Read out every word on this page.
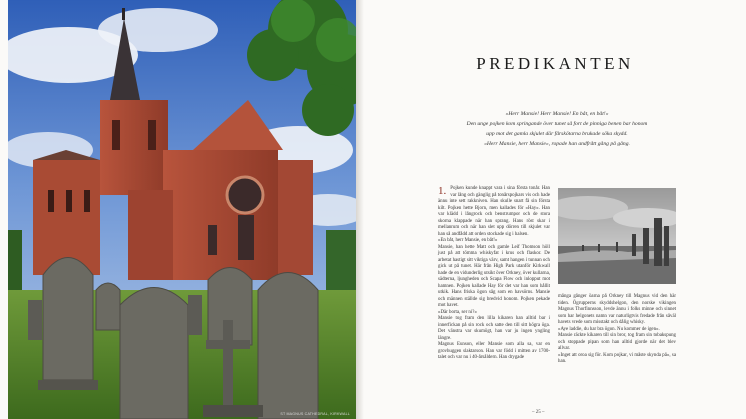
ST MAGNUS CATHEDRAL, KIRKWALL
PREDIKANTEN

»Herr Mansie! Herr Mansie! En båt, en båt!«

Den unge pojken kom springande över tunet så fort de pinniga benen bar honom

upp mot det gamla skjulet där fårskötarna brukade söka skydd.

»Herr Mansie, herr Mansie«, ropade han andfrått gång på gång.

1. Pojken kunde knappt vara i sina första tonår. Han var lång och gänglig på tonårspojkars vis och hade ännu inte sett rakkniven. Han skulle snart få sin första kilt. Pojken hette Bjorn, men kallades för »Hay«. Han var klädd i långrock och benstrumpor och de stora skorna klappade när han sprang. Hans röst skar i mellanrum och när han slet upp dörren till skjulet var han så andfådd att orden stockade sig i halsen.

»En båt, herr Mansie, en båt!«

Mansie, han hette Matt och gamle Leif Thomson höll just på att tömma whiskyfat i krus och flaskor. De arbetat hastigt sitt viktiga värv, samt hangen i tunnan och gick ut på tunet. Här från High Park utanför Kirkwall hade de en vidunderlig utsikt över Orkney, över kullarna, sädterna, ljungheden och Scapa Flow och inlopput mot hamnen. Pojken kallade Hay för det var han som hållit utkik. Hans friska ögon såg som en havsörns. Mansie och männen ställde sig bredvid honom. Pojken pekade mot havet.

»Där borta, ser ni?«

Mansie tog fram den lilla kikaren han alltid bar i innerfickan på sin rock och satte den till sitt högra öga. Det vänstra var skumögt, han var ju ingen yngling längre.

Magnus Eunson, eller Mansie som alla sa, var en grovhuggen slaktarson. Han var född i mitten av 1700-talet och var nu i 40-årsåldern. Han drygade

många gånger öarna på Orkney till Magnus vid den här tiden. Ögrupperns skyddshelgon, den norske vikingen Magnus Thorfinnsson, levde ännu i folks minne och sinnet som har helgonets namn var naturligtvis fredade från såväl havets vrede som misstakt och dålig whisky.

»Aye laddie, du har bra ögon. Nu kommer de igen«.

Mansie räckte kikaren till sin bror, tog fram sin tobakspung och stoppade pipan som han alltid gjorde när det blev allvar.

»Inget att oroa sig för. Kom pojkar, vi måste skynda på«, sa han.

– 25 –
